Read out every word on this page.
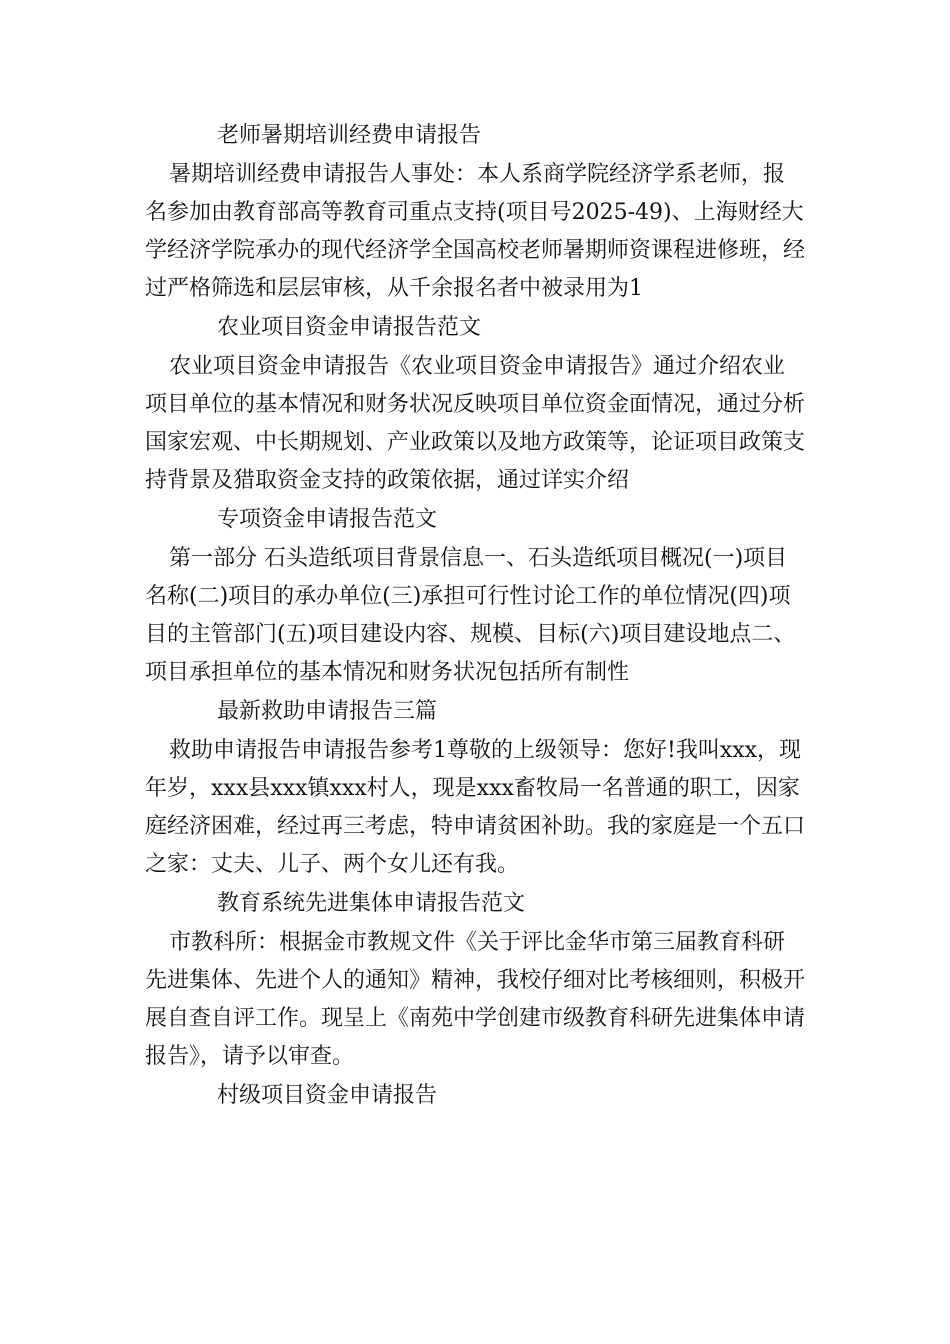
老师暑期培训经费申请报告

暑期培训经费申请报告人事处：本人系商学院经济学系老师，报名参加由教育部高等教育司重点支持(项目号2025-49)、上海财经大学经济学院承办的现代经济学全国高校老师暑期师资课程进修班，经过严格筛选和层层审核，从千余报名者中被录用为1

农业项目资金申请报告范文

农业项目资金申请报告《农业项目资金申请报告》通过介绍农业项目单位的基本情况和财务状况反映项目单位资金面情况，通过分析国家宏观、中长期规划、产业政策以及地方政策等，论证项目政策支持背景及猎取资金支持的政策依据，通过详实介绍

专项资金申请报告范文

第一部分 石头造纸项目背景信息一、石头造纸项目概况(一)项目名称(二)项目的承办单位(三)承担可行性讨论工作的单位情况(四)项目的主管部门(五)项目建设内容、规模、目标(六)项目建设地点二、项目承担单位的基本情况和财务状况包括所有制性

最新救助申请报告三篇

救助申请报告申请报告参考1尊敬的上级领导：您好!我叫xxx，现年岁，xxx县xxx镇xxx村人，现是xxx畜牧局一名普通的职工，因家庭经济困难，经过再三考虑，特申请贫困补助。我的家庭是一个五口之家：丈夫、儿子、两个女儿还有我。

教育系统先进集体申请报告范文

市教科所：根据金市教规文件《关于评比金华市第三届教育科研先进集体、先进个人的通知》精神，我校仔细对比考核细则，积极开展自查自评工作。现呈上《南苑中学创建市级教育科研先进集体申请报告》，请予以审查。

村级项目资金申请报告
